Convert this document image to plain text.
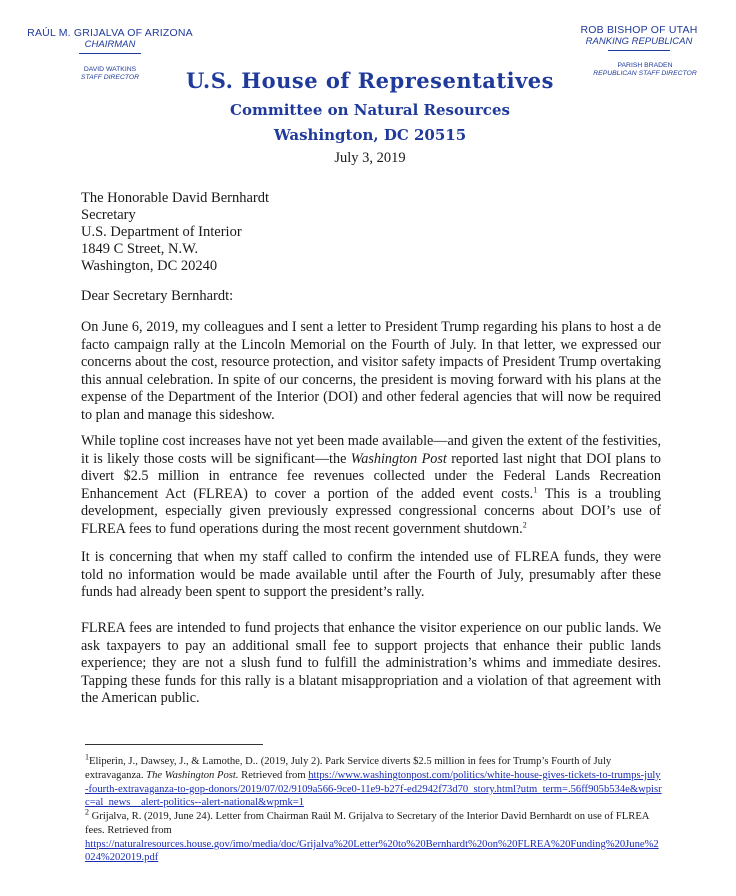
RAÚL M. GRIJALVA OF ARIZONA
CHAIRMAN
DAVID WATKINS
STAFF DIRECTOR
ROB BISHOP OF UTAH
RANKING REPUBLICAN
PARISH BRADEN
REPUBLICAN STAFF DIRECTOR
U.S. House of Representatives
Committee on Natural Resources
Washington, DC 20515
July 3, 2019
The Honorable David Bernhardt
Secretary
U.S. Department of Interior
1849 C Street, N.W.
Washington, DC 20240
Dear Secretary Bernhardt:
On June 6, 2019, my colleagues and I sent a letter to President Trump regarding his plans to host a de facto campaign rally at the Lincoln Memorial on the Fourth of July. In that letter, we expressed our concerns about the cost, resource protection, and visitor safety impacts of President Trump overtaking this annual celebration. In spite of our concerns, the president is moving forward with his plans at the expense of the Department of the Interior (DOI) and other federal agencies that will now be required to plan and manage this sideshow.
While topline cost increases have not yet been made available—and given the extent of the festivities, it is likely those costs will be significant—the Washington Post reported last night that DOI plans to divert $2.5 million in entrance fee revenues collected under the Federal Lands Recreation Enhancement Act (FLREA) to cover a portion of the added event costs.$^1$ This is a troubling development, especially given previously expressed congressional concerns about DOI’s use of FLREA fees to fund operations during the most recent government shutdown.$^2$
It is concerning that when my staff called to confirm the intended use of FLREA funds, they were told no information would be made available until after the Fourth of July, presumably after these funds had already been spent to support the president’s rally.
FLREA fees are intended to fund projects that enhance the visitor experience on our public lands. We ask taxpayers to pay an additional small fee to support projects that enhance their public lands experience; they are not a slush fund to fulfill the administration’s whims and immediate desires. Tapping these funds for this rally is a blatant misappropriation and a violation of that agreement with the American public.
$^1$Eliperin, J., Dawsey, J., & Lamothe, D.. (2019, July 2). Park Service diverts $2.5 million in fees for Trump’s Fourth of July extravaganza. The Washington Post. Retrieved from https://www.washingtonpost.com/politics/white-house-gives-tickets-to-trumps-july-fourth-extravaganza-to-gop-donors/2019/07/02/9109a566-9ce0-11e9-b27f-ed2942f73d70_story.html?utm_term=.56ff905b534e&wpisrc=al_news__alert-politics--alert-national&wpmk=1
$^2$ Grijalva, R. (2019, June 24). Letter from Chairman Raúl M. Grijalva to Secretary of the Interior David Bernhardt on use of FLREA fees. Retrieved from
https://naturalresources.house.gov/imo/media/doc/Grijalva%20Letter%20to%20Bernhardt%20on%20FLREA%20Funding%20June%2024%202019.pdf
